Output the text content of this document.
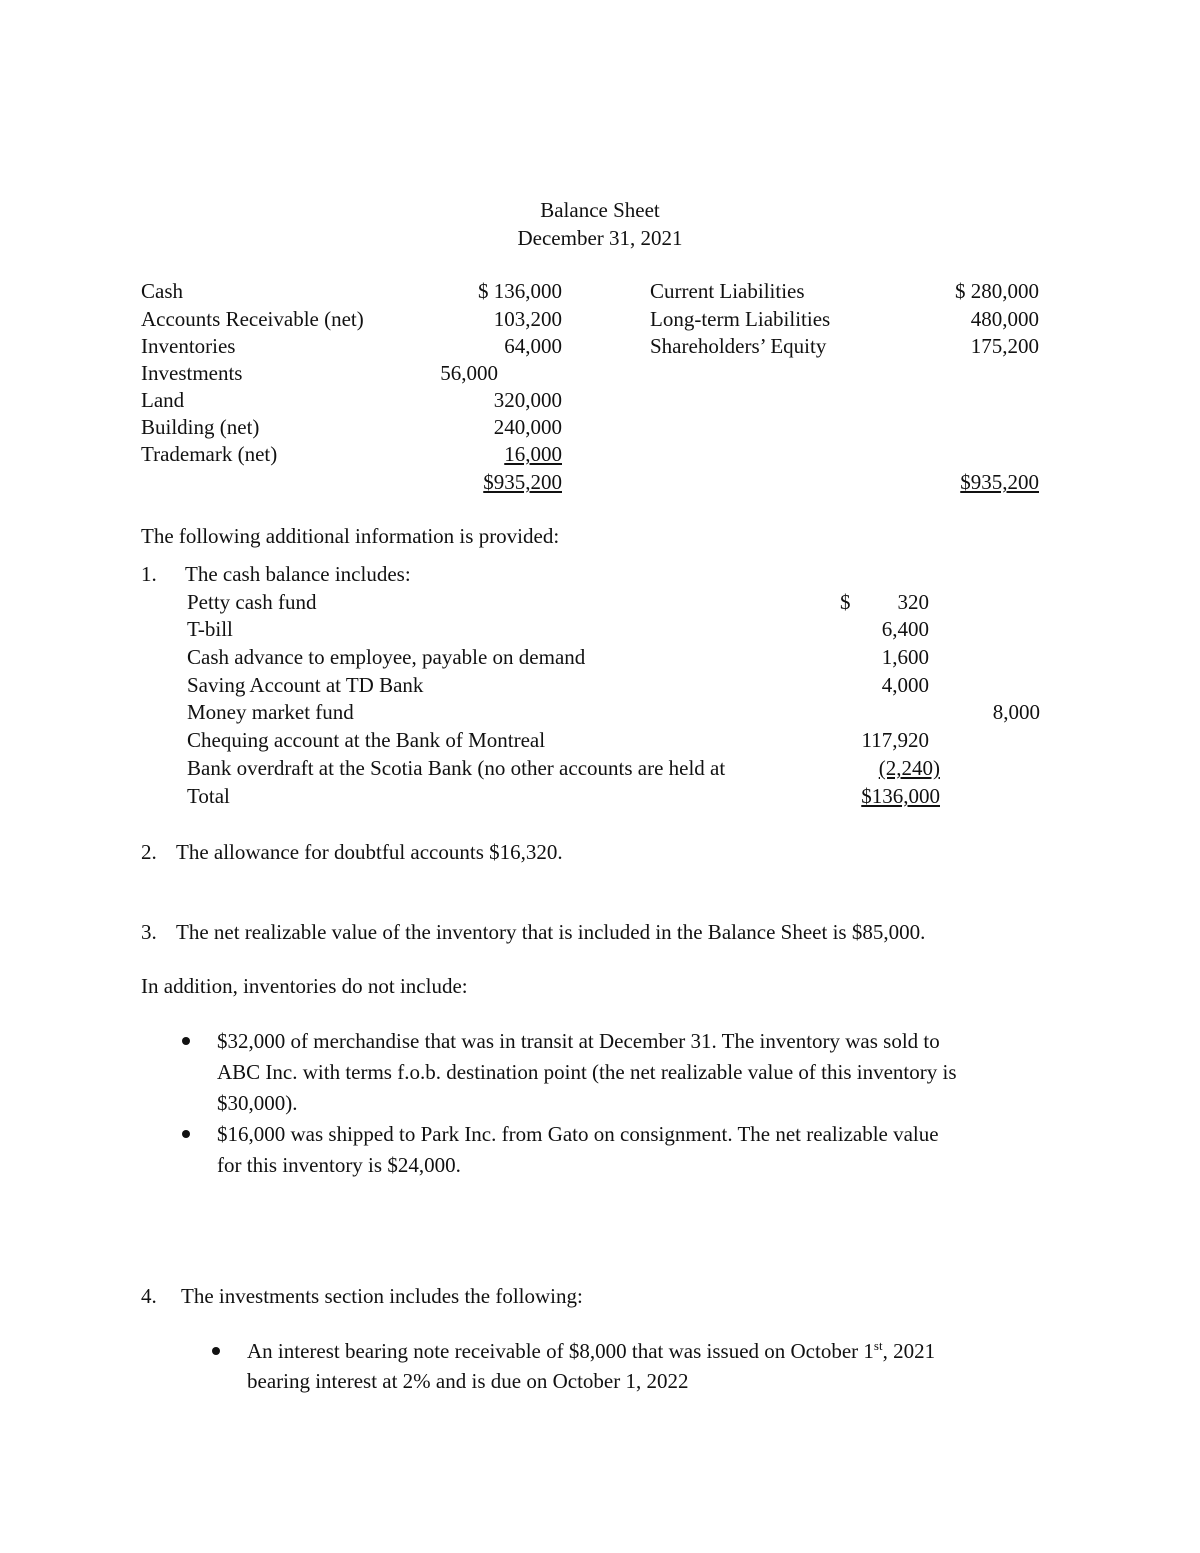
Balance Sheet
December 31, 2021
Cash	$ 136,000
Accounts Receivable (net)	103,200
Inventories	64,000
Investments	56,000
Land	320,000
Building (net)	240,000
Trademark (net)	16,000
$935,200
Current Liabilities	$ 280,000
Long-term Liabilities	480,000
Shareholders’ Equity	175,200
$935,200
The following additional information is provided:
1. The cash balance includes:
Petty cash fund	$	320
T-bill	6,400
Cash advance to employee, payable on demand	1,600
Saving Account at TD Bank	4,000
Money market fund	8,000
Chequing account at the Bank of Montreal	117,920
Bank overdraft at the Scotia Bank (no other accounts are held at	(2,240)
Total	$136,000
2. The allowance for doubtful accounts $16,320.
3. The net realizable value of the inventory that is included in the Balance Sheet is $85,000.
In addition, inventories do not include:
$32,000 of merchandise that was in transit at December 31. The inventory was sold to
ABC Inc. with terms f.o.b. destination point (the net realizable value of this inventory is
$30,000).
$16,000 was shipped to Park Inc. from Gato on consignment. The net realizable value
for this inventory is $24,000.
4. The investments section includes the following:
An interest bearing note receivable of $8,000 that was issued on October 1st, 2021
bearing interest at 2% and is due on October 1, 2022
